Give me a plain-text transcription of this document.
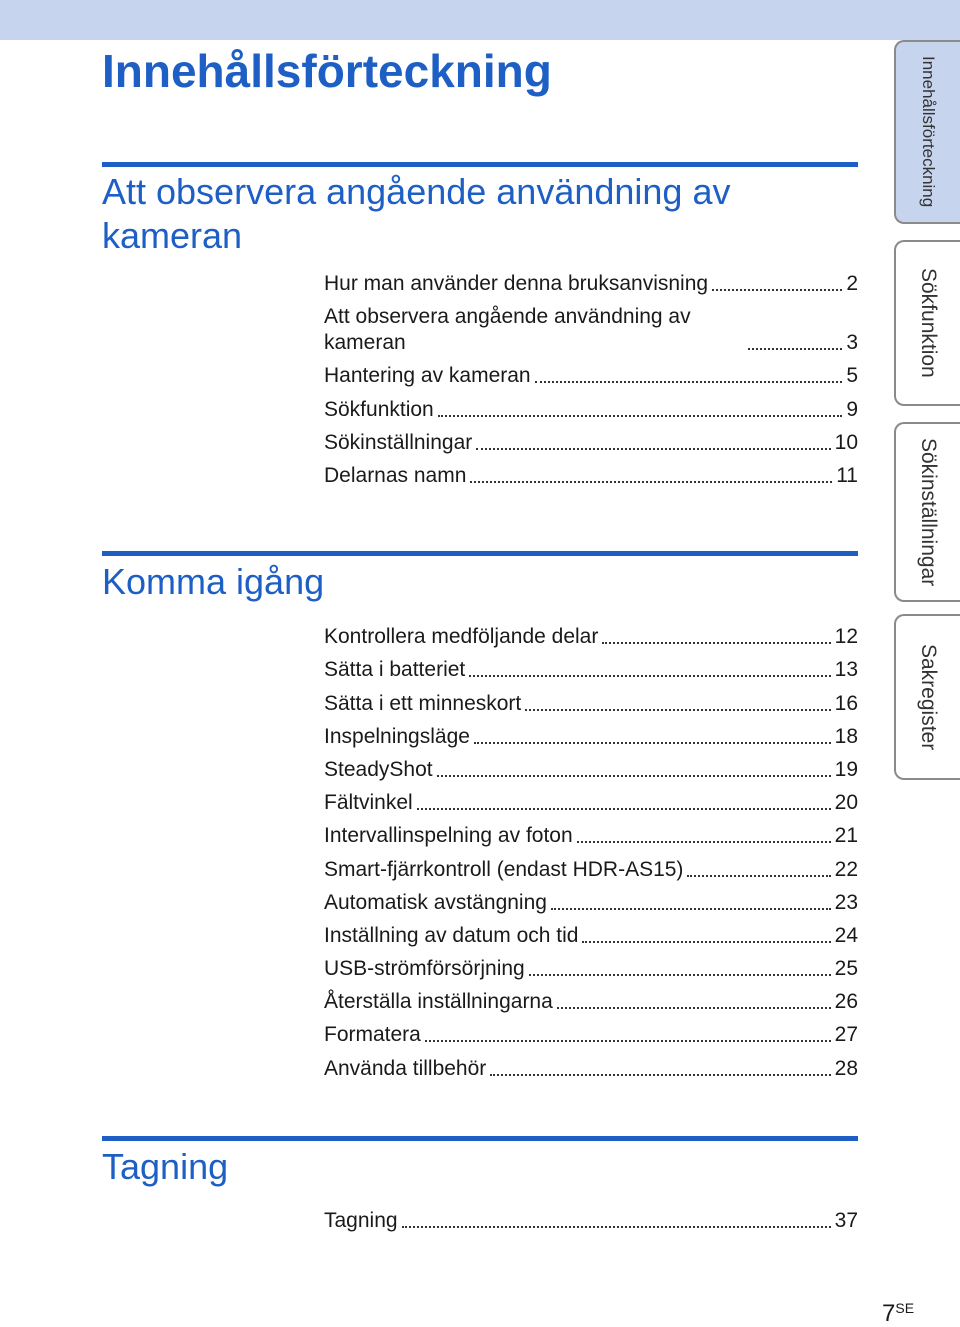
Innehållsförteckning
Att observera angående användning av kameran
Hur man använder denna bruksanvisning	2
Att observera angående användning av kameran	3
Hantering av kameran	5
Sökfunktion	9
Sökinställningar	10
Delarnas namn	11
Komma igång
Kontrollera medföljande delar	12
Sätta i batteriet	13
Sätta i ett minneskort	16
Inspelningsläge	18
SteadyShot	19
Fältvinkel	20
Intervallinspelning av foton	21
Smart-fjärrkontroll (endast HDR-AS15)	22
Automatisk avstängning	23
Inställning av datum och tid	24
USB-strömförsörjning	25
Återställa inställningarna	26
Formatera	27
Använda tillbehör	28
Tagning
Tagning	37
Innehållsförteckning
Sökfunktion
Sökinställningar
Sakregister
$7^{SE}$
